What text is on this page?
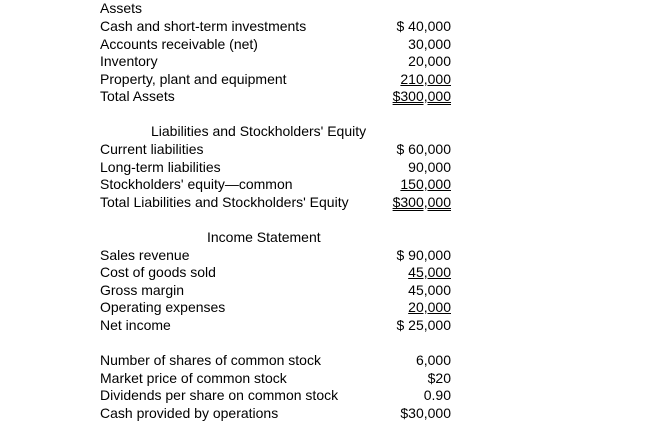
Assets
Cash and short-term investments	$ 40,000
Accounts receivable (net)	30,000
Inventory	20,000
Property, plant and equipment	210,000
Total Assets	$300,000
Liabilities and Stockholders' Equity
Current liabilities	$ 60,000
Long-term liabilities	90,000
Stockholders' equity—common	150,000
Total Liabilities and Stockholders' Equity	$300,000
Income Statement
Sales revenue	$ 90,000
Cost of goods sold	45,000
Gross margin	45,000
Operating expenses	20,000
Net income	$ 25,000
Number of shares of common stock	6,000
Market price of common stock	$20
Dividends per share on common stock	0.90
Cash provided by operations	$30,000
